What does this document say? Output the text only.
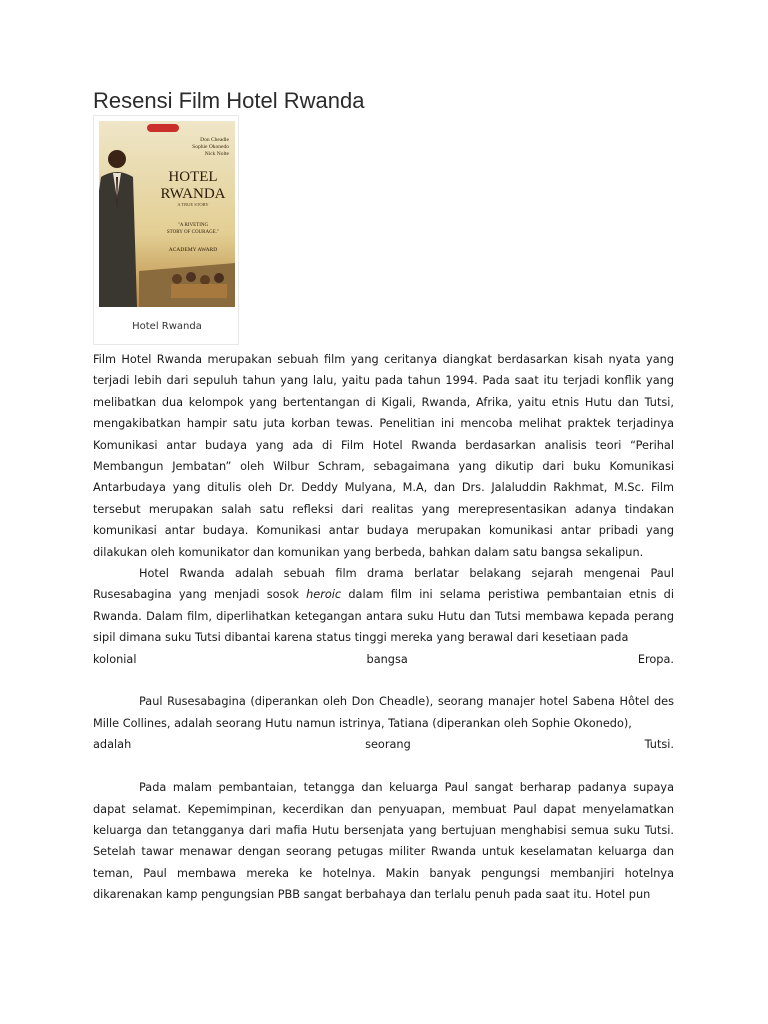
Resensi Film Hotel Rwanda
Don Cheadle
Sophie Okonedo
Nick Nolte
HOTEL
RWANDA
A TRUE STORY
"A RIVETING
STORY OF COURAGE."
ACADEMY AWARD
Hotel Rwanda

Film Hotel Rwanda merupakan sebuah film yang ceritanya diangkat berdasarkan kisah nyata yang terjadi lebih dari sepuluh tahun yang lalu, yaitu pada tahun 1994. Pada saat itu terjadi konflik yang melibatkan dua kelompok yang bertentangan di Kigali, Rwanda, Afrika, yaitu etnis Hutu dan Tutsi, mengakibatkan hampir satu juta korban tewas. Penelitian ini mencoba melihat praktek terjadinya Komunikasi antar budaya yang ada di Film Hotel Rwanda berdasarkan analisis teori “Perihal Membangun Jembatan” oleh Wilbur Schram, sebagaimana yang dikutip dari buku Komunikasi Antarbudaya yang ditulis oleh Dr. Deddy Mulyana, M.A, dan Drs. Jalaluddin Rakhmat, M.Sc. Film tersebut merupakan salah satu refleksi dari realitas yang merepresentasikan adanya tindakan komunikasi antar budaya. Komunikasi antar budaya merupakan komunikasi antar pribadi yang dilakukan oleh komunikator dan komunikan yang berbeda, bahkan dalam satu bangsa sekalipun.

Hotel Rwanda adalah sebuah film drama berlatar belakang sejarah mengenai Paul Rusesabagina yang menjadi sosok heroic dalam film ini selama peristiwa pembantaian etnis di Rwanda. Dalam film, diperlihatkan ketegangan antara suku Hutu dan Tutsi membawa kepada perang sipil dimana suku Tutsi dibantai karena status tinggi mereka yang berawal dari kesetiaan pada

kolonial bangsa Eropa.

Paul Rusesabagina (diperankan oleh Don Cheadle), seorang manajer hotel Sabena Hôtel des Mille Collines, adalah seorang Hutu namun istrinya, Tatiana (diperankan oleh Sophie Okonedo),

adalah seorang Tutsi.

Pada malam pembantaian, tetangga dan keluarga Paul sangat berharap padanya supaya dapat selamat. Kepemimpinan, kecerdikan dan penyuapan, membuat Paul dapat menyelamatkan keluarga dan tetangganya dari mafia Hutu bersenjata yang bertujuan menghabisi semua suku Tutsi. Setelah tawar menawar dengan seorang petugas militer Rwanda untuk keselamatan keluarga dan teman, Paul membawa mereka ke hotelnya. Makin banyak pengungsi membanjiri hotelnya dikarenakan kamp pengungsian PBB sangat berbahaya dan terlalu penuh pada saat itu. Hotel pun
